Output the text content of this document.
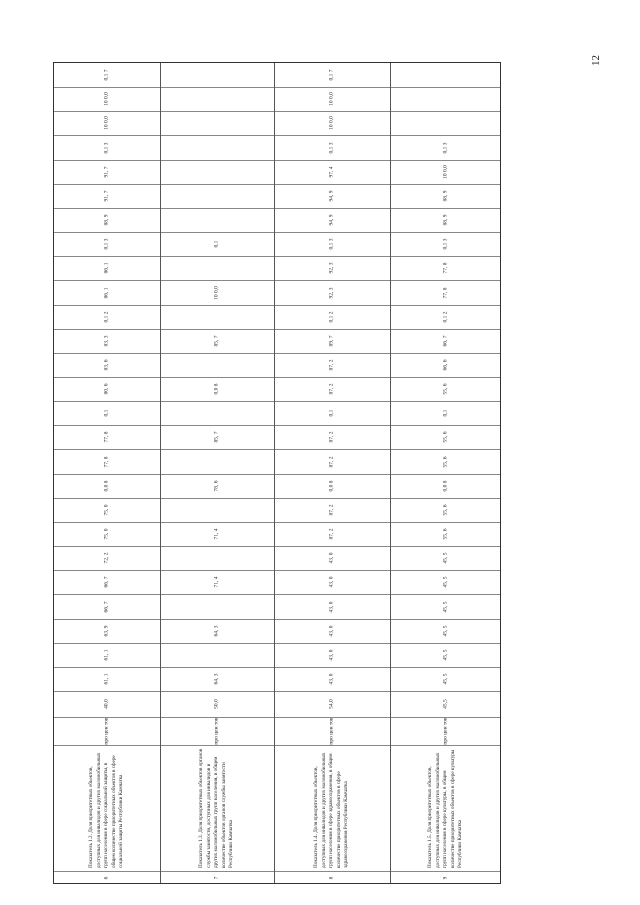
12
6
Показатель 1.2. Доля приоритетных объектов, доступных для инвалидов и других маломобильных групп населения в сфере социальной защиты, в общем количестве приоритетных объектов в сфере социальной защиты Республики Камчатка
про цен тов
40,0
61, 1
61, 1
63, 9
66, 7
66, 7
72, 2
75, 0
75, 0
0,0 8
77, 8
77, 8
0,1
80, 6
83, 6
83, 3
0,1 2
86, 1
86, 1
0,1 3
88, 9
91, 7
91, 7
0,1 3
10 0,0
10 0,0
0,1 7
7
Показатель 1.3. Доля приоритетных объектов органов службы занятости, доступных для инвалидов и других маломобильных групп населения, в общем количестве объектов органов службы занятости Республики Камчатка
про цен тов
50,0
64, 3
64, 3
71, 4
71, 4
78, 6
85, 7
0,0 8
85, 7
10 0,0
0,1
8
Показатель 1.4. Доля приоритетных объектов, доступных для инвалидов и других маломобильных групп населения в сфере здравоохранения, в общем количестве приоритетных объектов в сфере здравоохранения Республики Камчатка
про цен тов
54,0
43, 0
43, 0
43, 0
43, 0
43, 0
43, 0
87, 2
87, 2
0,0 8
87, 2
87, 2
0,1
87, 2
87, 2
89, 7
0,1 2
92, 3
92, 3
0,1 3
94, 9
94, 9
97, 4
0,1 3
10 0,0
10 0,0
0,1 7
9
Показатель 1.5. Доля приоритетных объектов, доступных для инвалидов и других маломобильных групп населения в сфере культуры, в общем количестве приоритетных объектов в сфере культуры Республики Камчатка
про цен тов
45,5
45, 5
45, 5
45, 5
45, 5
45, 5
45, 5
55, 6
55, 6
0,0 8
55, 6
55, 6
0,1
55, 6
66, 6
66, 7
0,1 2
77, 8
77, 8
0,1 3
88, 9
88, 9
10 0,0
0,1 3
